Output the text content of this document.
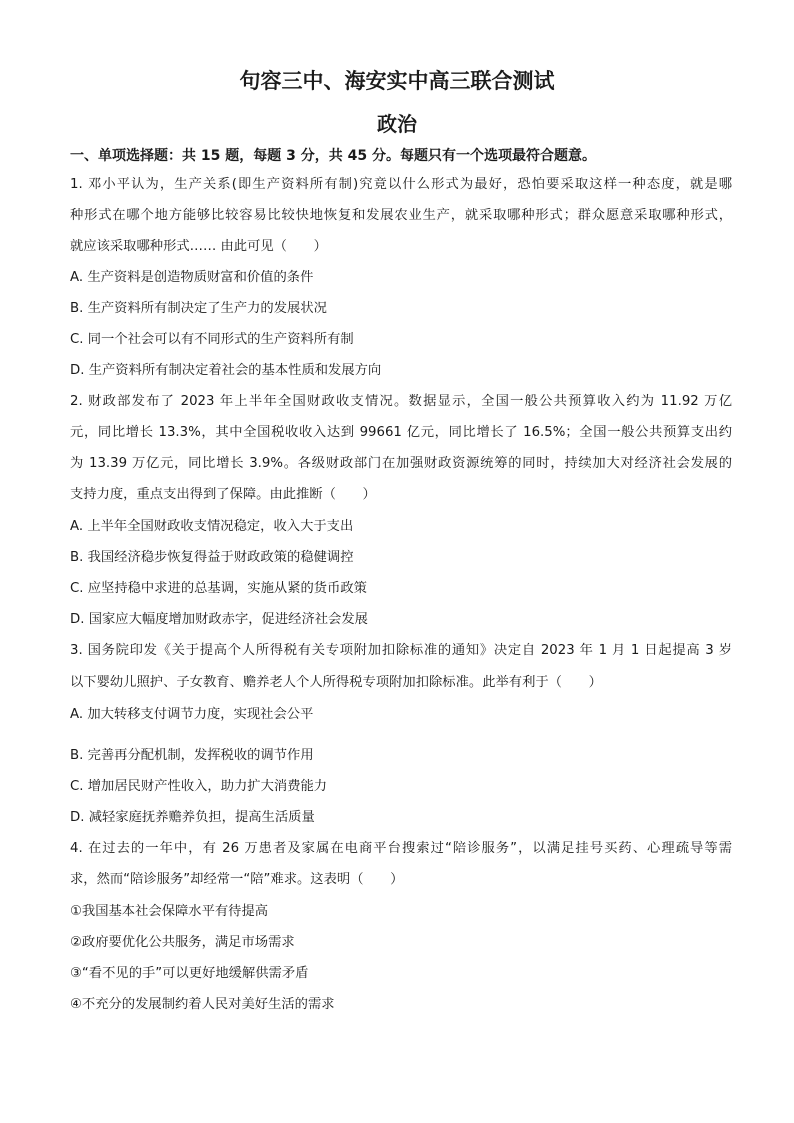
句容三中、海安实中高三联合测试
政治
一、单项选择题：共 15 题，每题 3 分，共 45 分。每题只有一个选项最符合题意。
1. 邓小平认为，生产关系(即生产资料所有制)究竟以什么形式为最好，恐怕要采取这样一种态度，就是哪
种形式在哪个地方能够比较容易比较快地恢复和发展农业生产，就采取哪种形式；群众愿意采取哪种形式，
就应该采取哪种形式…… 由此可见（　　）
A. 生产资料是创造物质财富和价值的条件
B. 生产资料所有制决定了生产力的发展状况
C. 同一个社会可以有不同形式的生产资料所有制
D. 生产资料所有制决定着社会的基本性质和发展方向
2. 财政部发布了 2023 年上半年全国财政收支情况。数据显示，全国一般公共预算收入约为 11.92 万亿
元，同比增长 13.3%，其中全国税收收入达到 99661 亿元，同比增长了 16.5%；全国一般公共预算支出约
为 13.39 万亿元，同比增长 3.9%。各级财政部门在加强财政资源统筹的同时，持续加大对经济社会发展的
支持力度，重点支出得到了保障。由此推断（　　）
A. 上半年全国财政收支情况稳定，收入大于支出
B. 我国经济稳步恢复得益于财政政策的稳健调控
C. 应坚持稳中求进的总基调，实施从紧的货币政策
D. 国家应大幅度增加财政赤字，促进经济社会发展
3. 国务院印发《关于提高个人所得税有关专项附加扣除标准的通知》决定自 2023 年 1 月 1 日起提高 3 岁
以下婴幼儿照护、子女教育、赡养老人个人所得税专项附加扣除标准。此举有利于（　　）
A. 加大转移支付调节力度，实现社会公平
B. 完善再分配机制，发挥税收的调节作用
C. 增加居民财产性收入，助力扩大消费能力
D. 减轻家庭抚养赡养负担，提高生活质量
4. 在过去的一年中，有 26 万患者及家属在电商平台搜索过“陪诊服务”，以满足挂号买药、心理疏导等需
求，然而“陪诊服务”却经常一“陪”难求。这表明（　　）
①我国基本社会保障水平有待提高
②政府要优化公共服务，满足市场需求
③“看不见的手”可以更好地缓解供需矛盾
④不充分的发展制约着人民对美好生活的需求
